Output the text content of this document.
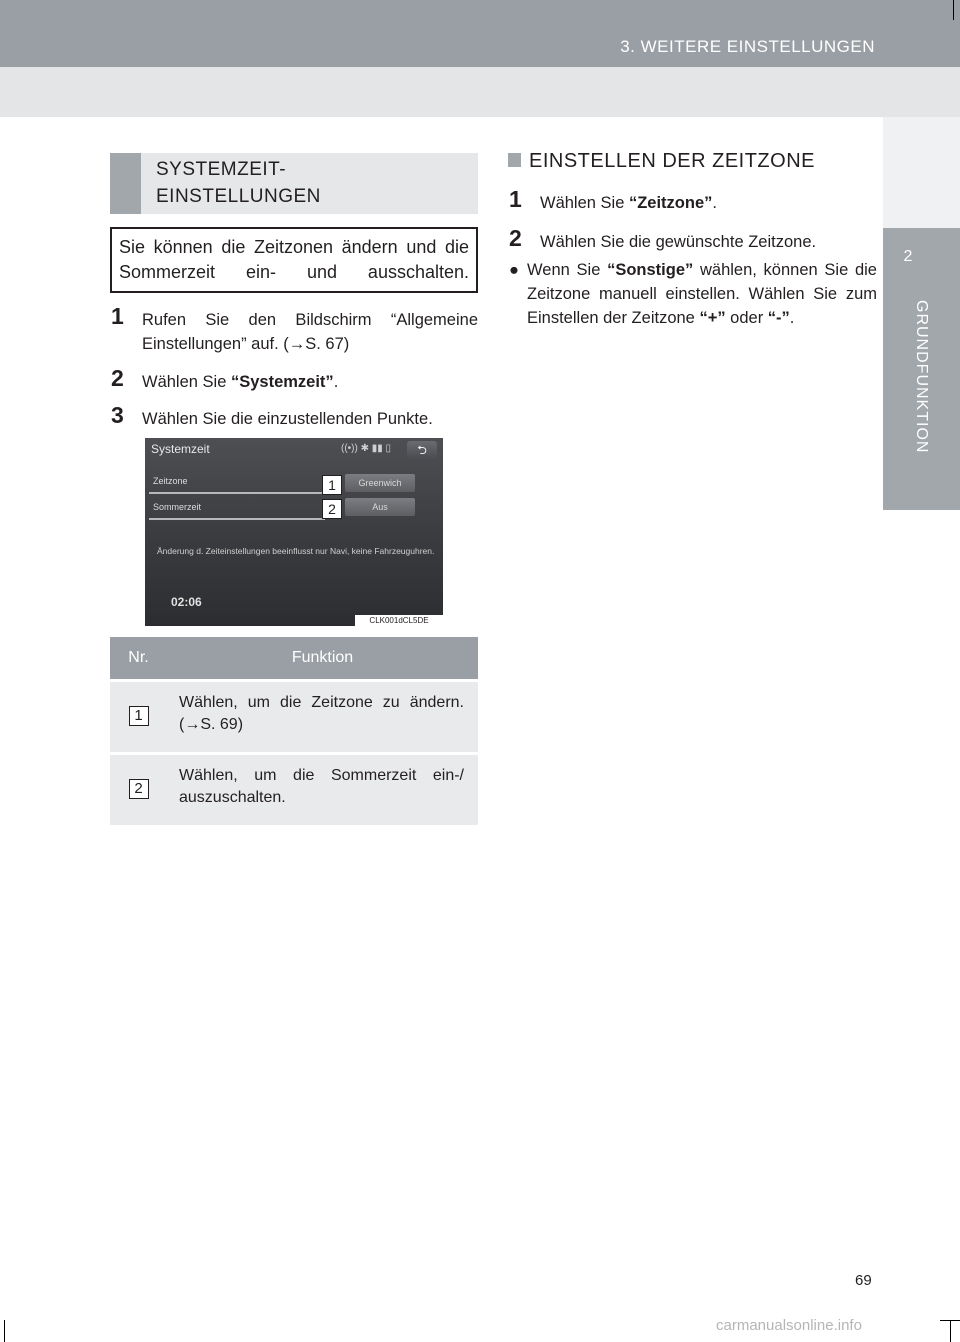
3. WEITERE EINSTELLUNGEN
2
GRUNDFUNKTION
SYSTEMZEIT-
EINSTELLUNGEN
Sie können die Zeitzonen ändern und die Sommerzeit ein- und ausschalten.
1 Rufen Sie den Bildschirm “Allgemeine
Einstellungen” auf. (→S. 67)
2 Wählen Sie “Systemzeit”.
3 Wählen Sie die einzustellenden Punkte.
Systemzeit	((•)) ✱ ▮▮ ▯	⮌
Zeitzone
Sommerzeit
Greenwich
Aus
1
2
Änderung d. Zeiteinstellungen beeinflusst nur Navi, keine Fahrzeuguhren.
02:06
CLK001dCL5DE
Nr.	Funktion

1	Wählen, um die Zeitzone zu ändern. (→S. 69)

2	Wählen, um die Sommerzeit ein-/ auszuschalten.
EINSTELLEN DER ZEITZONE
1 Wählen Sie “Zeitzone”.
2 Wählen Sie die gewünschte Zeitzone.
● Wenn Sie “Sonstige” wählen, können Sie die Zeitzone manuell einstellen. Wählen Sie zum Einstellen der Zeitzone “+” oder “-”.
69
carmanualsonline.info
